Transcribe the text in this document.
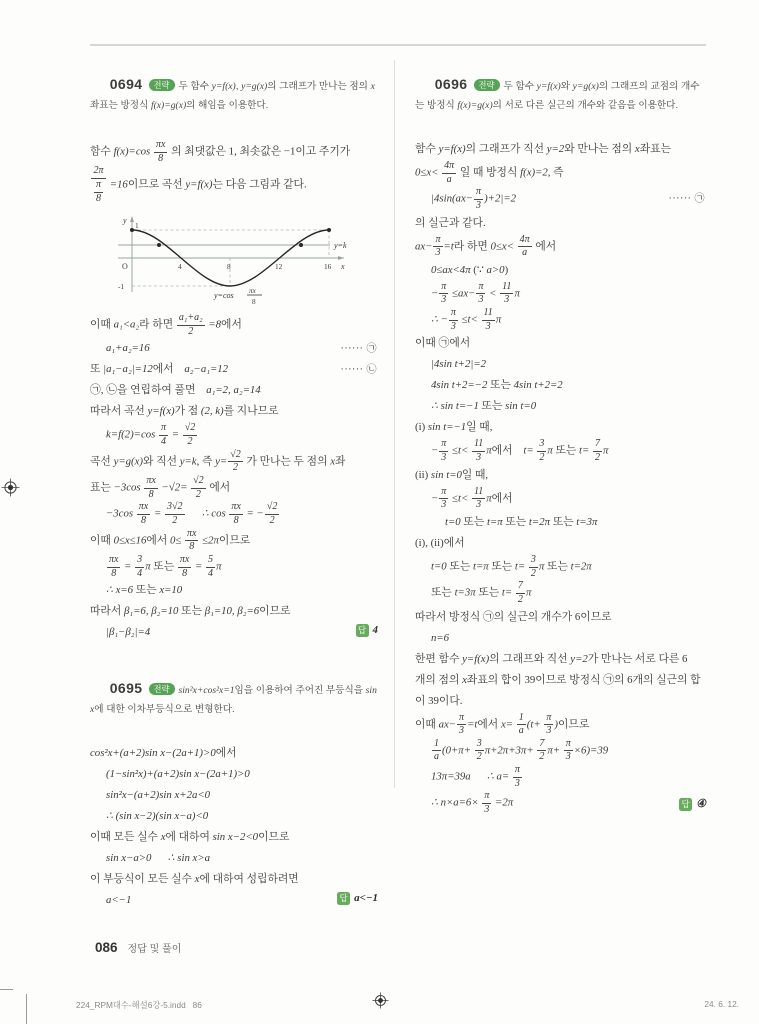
0694 전략 두 함수 y=f(x), y=g(x)의 그래프가 만나는 점의 x좌표는 방정식 f(x)=g(x)의 해임을 이용한다.

함수 $f(x)=\cos \frac{\pi x}{8}$ 의 최댓값은 1, 최솟값은 −1이고 주기가
$\frac{2\pi}{\frac{\pi}{8}} =16$이므로 곡선 y=f(x)는 다음 그림과 같다.
y
1
O
-1
4	8	12	16 x
y=k
y=cos
πx
8
이때 a₁<a₂라 하면 $\frac{\text{a₁+a₂}}{2} =8$에서
a₁+a₂=16	······ ㉠
또 |a₁−a₂|=12에서 a₂−a₁=12	······ ㉡
㉠, ㉡을 연립하여 풀면 a₁=2, a₂=14
따라서 곡선 y=f(x)가 점 (2, k)를 지나므로
$k=f(2)=\cos \frac{\pi}{4} = \frac{√2}{2}$
곡선 y=g(x)와 직선 y=k, 즉 $y= \frac{√2}{2}$ 가 만나는 두 점의 x좌
표는 $-3\cos \frac{\pi x}{8} -√2= \frac{√2}{2}$ 에서
$-3\cos \frac{\pi x}{8} = \frac{3√2}{2}$
   ∴ $\cos \frac{\pi x}{8}$ = − $\frac{√2}{2}$
이때 0≤x≤16에서 $0\le \frac{\pi x}{8} \le 2\pi$이므로
$\frac{\pi x}{8} = \frac{3}{4}$ π 또는 $\frac{\pi x}{8} = \frac{5}{4}$ π
∴ x=6 또는 x=10
따라서 β₁=6, β₂=10 또는 β₁=10, β₂=6이므로
|β₁−β₂|=4	답 4

0695 전략 sin²x+cos²x=1임을 이용하여 주어진 부등식을 sin x에 대한 이차부등식으로 변형한다.

cos²x+(a+2)sin x−(2a+1)>0에서
(1−sin²x)+(a+2)sin x−(2a+1)>0
sin²x−(a+2)sin x+2a<0
∴ (sin x−2)(sin x−a)<0
이때 모든 실수 x에 대하여 sin x−2<0이므로
sin x−a>0   ∴ sin x>a
이 부등식이 모든 실수 x에 대하여 성립하려면
a<−1	답 a<−1

0696 전략 두 함수 y=f(x)와 y=g(x)의 그래프의 교점의 개수는 방정식 f(x)=g(x)의 서로 다른 실근의 개수와 같음을 이용한다.

함수 y=f(x)의 그래프가 직선 y=2와 만나는 점의 x좌표는
$0\le x< \frac{4\pi}{a}$ 일 때 방정식 f(x)=2, 즉
$|4\sin(ax- \frac{\pi}{3} )+2|=2$	······ ㉠
의 실근과 같다.
$ax- \frac{\pi}{3} =t$라 하면 $0\le x< \frac{4\pi}{a}$ 에서
0≤ax<4π (∵ a>0)
− $\frac{\pi}{3} \le ax- \frac{\pi}{3} < \frac{11}{3}$ π
∴ − $\frac{\pi}{3} \le t< \frac{11}{3}$ π
이때 ㉠에서
|4sin t+2|=2
4sin t+2=−2 또는 4sin t+2=2
∴ sin t=−1 또는 sin t=0
(i) sin t=−1일 때,
− $\frac{\pi}{3} \le t< \frac{11}{3}$ π에서 $t= \frac{3}{2}$ π 또는 $t= \frac{7}{2}$ π
(ii) sin t=0일 때,
− $\frac{\pi}{3} \le t< \frac{11}{3}$ π에서
t=0 또는 t=π 또는 t=2π 또는 t=3π
(i), (ii)에서
t=0 또는 t=π 또는 $t= \frac{3}{2}$ π 또는 t=2π
또는 t=3π 또는 $t= \frac{7}{2}$ π
따라서 방정식 ㉠의 실근의 개수가 6이므로
n=6
한편 함수 y=f(x)의 그래프와 직선 y=2가 만나는 서로 다른 6
개의 점의 x좌표의 합이 39이므로 방정식 ㉠의 6개의 실근의 합
이 39이다.
이때 $ax- \frac{\pi}{3} =t$에서 $x= \frac{1}{a} (t+ \frac{\pi}{3}$ )이므로
$\frac{1}{a} (0+\pi+ \frac{3}{2} \pi+2\pi+3\pi+ \frac{7}{2} \pi+ \frac{\pi}{3} \times 6)=39$
13π=39a   ∴ $a= \frac{\pi}{3}$
∴ $n\times a=6\times \frac{\pi}{3} =2\pi$	답 ④
086 정답 및 풀이
224_RPM대수-해설6강-5.indd 86	24. 6. 12.
